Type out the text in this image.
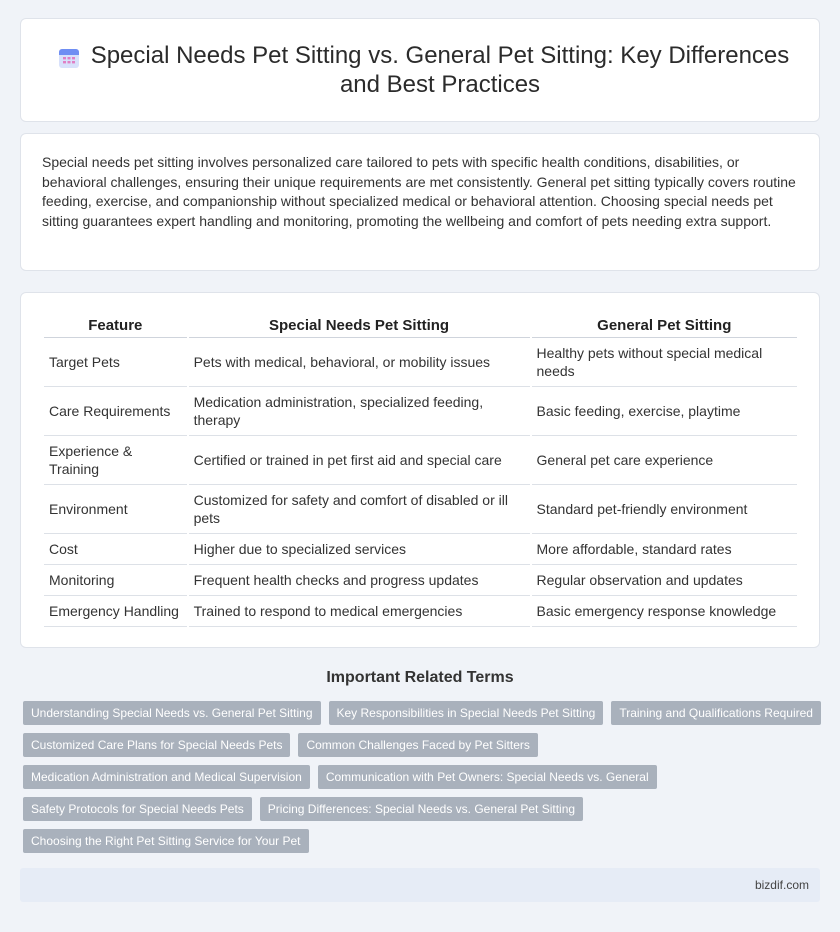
Special Needs Pet Sitting vs. General Pet Sitting: Key Differences and Best Practices

Special needs pet sitting involves personalized care tailored to pets with specific health conditions, disabilities, or behavioral challenges, ensuring their unique requirements are met consistently. General pet sitting typically covers routine feeding, exercise, and companionship without specialized medical or behavioral attention. Choosing special needs pet sitting guarantees expert handling and monitoring, promoting the wellbeing and comfort of pets needing extra support.

Feature	Special Needs Pet Sitting	General Pet Sitting
Target Pets	Pets with medical, behavioral, or mobility issues	Healthy pets without special medical needs
Care Requirements	Medication administration, specialized feeding, therapy	Basic feeding, exercise, playtime
Experience & Training	Certified or trained in pet first aid and special care	General pet care experience
Environment	Customized for safety and comfort of disabled or ill pets	Standard pet-friendly environment
Cost	Higher due to specialized services	More affordable, standard rates
Monitoring	Frequent health checks and progress updates	Regular observation and updates
Emergency Handling	Trained to respond to medical emergencies	Basic emergency response knowledge
Important Related Terms
Understanding Special Needs vs. General Pet Sitting	Key Responsibilities in Special Needs Pet Sitting	Training and Qualifications Required
Customized Care Plans for Special Needs Pets	Common Challenges Faced by Pet Sitters
Medication Administration and Medical Supervision	Communication with Pet Owners: Special Needs vs. General
Safety Protocols for Special Needs Pets	Pricing Differences: Special Needs vs. General Pet Sitting
Choosing the Right Pet Sitting Service for Your Pet
bizdif.com
